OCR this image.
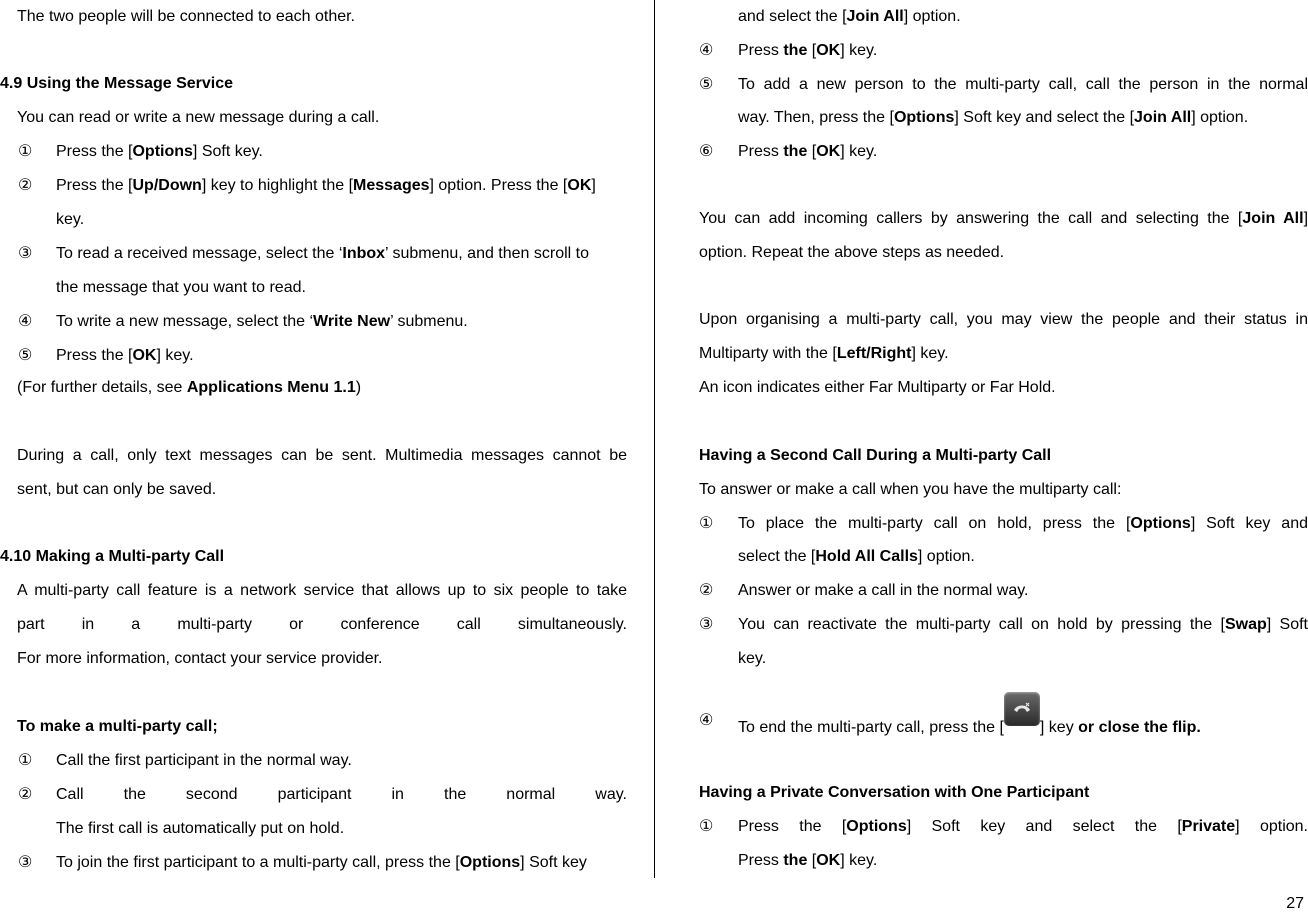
The two people will be connected to each other.
4.9 Using the Message Service
You can read or write a new message during a call.
①	Press the [Options] Soft key.
②	Press the [Up/Down] key to highlight the [Messages] option. Press the [OK]
key.
③	To read a received message, select the ‘Inbox’ submenu, and then scroll to
the message that you want to read.
④	To write a new message, select the ‘Write New’ submenu.
⑤	Press the [OK] key.
(For further details, see Applications Menu 1.1)
During a call, only text messages can be sent. Multimedia messages cannot be
sent, but can only be saved.
4.10 Making a Multi-party Call
A multi-party call feature is a network service that allows up to six people to take
part in a multi-party or conference call simultaneously.
For more information, contact your service provider.
To make a multi-party call;
①	Call the first participant in the normal way.
②	Call the second participant in the normal way.
The first call is automatically put on hold.
③	To join the first participant to a multi-party call, press the [Options] Soft key
and select the [Join All] option.
④	Press the [OK] key.
⑤	To add a new person to the multi-party call, call the person in the normal
way. Then, press the [Options] Soft key and select the [Join All] option.
⑥	Press the [OK] key.
You can add incoming callers by answering the call and selecting the [Join All]
option. Repeat the above steps as needed.
Upon organising a multi-party call, you may view the people and their status in
Multiparty with the [Left/Right] key.
An icon indicates either Far Multiparty or Far Hold.
Having a Second Call During a Multi-party Call
To answer or make a call when you have the multiparty call:
①	To place the multi-party call on hold, press the [Options] Soft key and
select the [Hold All Calls] option.
②	Answer or make a call in the normal way.
③	You can reactivate the multi-party call on hold by pressing the [Swap] Soft
key.
④	To end the multi-party call, press the [ ] key or close the flip.
Having a Private Conversation with One Participant
①	Press the [Options] Soft key and select the [Private] option.
Press the [OK] key.
27
